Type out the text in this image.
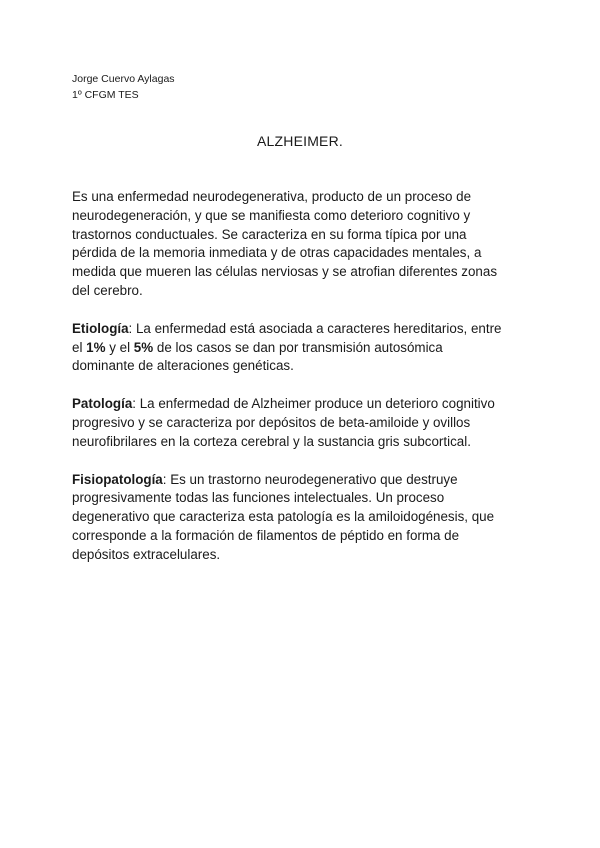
Jorge Cuervo Aylagas
1º CFGM TES
ALZHEIMER.

Es una enfermedad neurodegenerativa, producto de un proceso de
neurodegeneración, y que se manifiesta como deterioro cognitivo y
trastornos conductuales. Se caracteriza en su forma típica por una
pérdida de la memoria inmediata y de otras capacidades mentales, a
medida que mueren las células nerviosas y se atrofian diferentes zonas
del cerebro.

Etiología: La enfermedad está asociada a caracteres hereditarios, entre
el 1% y el 5% de los casos se dan por transmisión autosómica
dominante de alteraciones genéticas.

Patología: La enfermedad de Alzheimer produce un deterioro cognitivo
progresivo y se caracteriza por depósitos de beta-amiloide y ovillos
neurofibrilares en la corteza cerebral y la sustancia gris subcortical.

Fisiopatología: Es un trastorno neurodegenerativo que destruye
progresivamente todas las funciones intelectuales. Un proceso
degenerativo que caracteriza esta patología es la amiloidogénesis, que
corresponde a la formación de filamentos de péptido en forma de
depósitos extracelulares.
